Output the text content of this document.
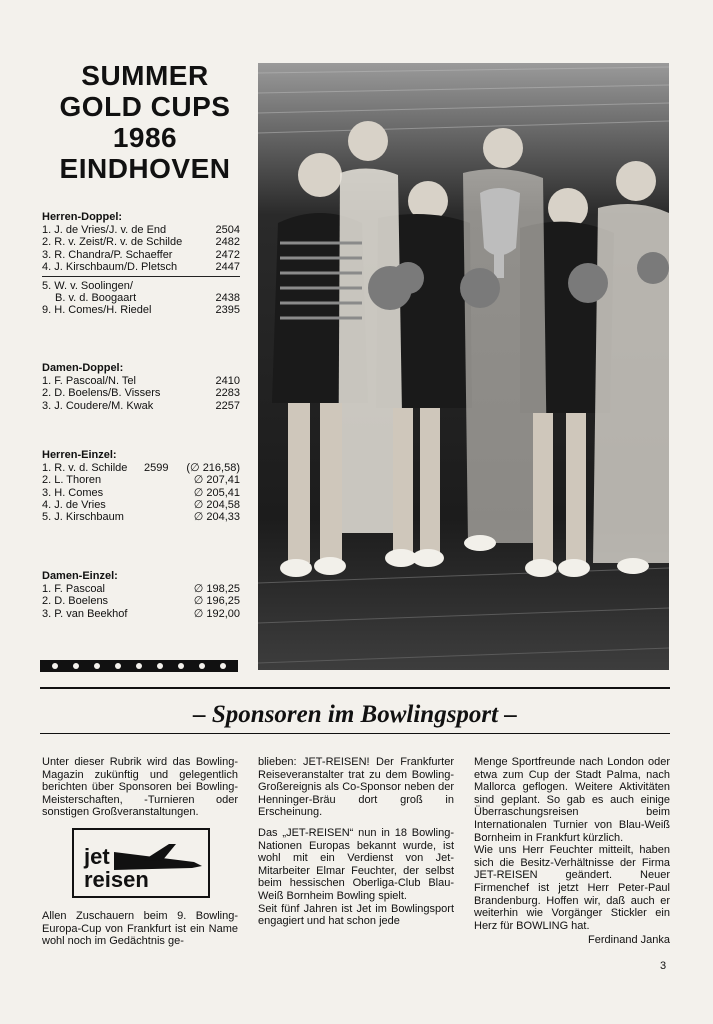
SUMMER
GOLD CUPS
1986
EINDHOVEN
Herren-Doppel:
1. J. de Vries/J. v. de End	2504
2. R. v. Zeist/R. v. de Schilde	2482
3. R. Chandra/P. Schaeffer	2472
4. J. Kirschbaum/D. Pletsch	2447
5. W. v. Soolingen/
B. v. d. Boogaart	2438
9. H. Comes/H. Riedel	2395
Damen-Doppel:
1. F. Pascoal/N. Tel	2410
2. D. Boelens/B. Vissers	2283
3. J. Coudere/M. Kwak	2257
Herren-Einzel:
1. R. v. d. Schilde 2599 (∅ 216,58)
2. L. Thoren	∅ 207,41
3. H. Comes	∅ 205,41
4. J. de Vries	∅ 204,58
5. J. Kirschbaum	∅ 204,33
Damen-Einzel:
1. F. Pascoal	∅ 198,25
2. D. Boelens	∅ 196,25
3. P. van Beekhof	∅ 192,00
– Sponsoren im Bowlingsport –

Unter dieser Rubrik wird das Bowling-Magazin zukünftig und gelegentlich berichten über Sponsoren bei Bowling-Meisterschaften, -Turnieren oder sonstigen Großveranstaltungen.

jet
reisen

Allen Zuschauern beim 9. Bowling-Europa-Cup von Frankfurt ist ein Name wohl noch im Gedächtnis ge-

blieben: JET-REISEN! Der Frankfurter Reiseveranstalter trat zu dem Bowling-Großereignis als Co-Sponsor neben der Henninger-Bräu dort groß in Erscheinung.

Das „JET-REISEN“ nun in 18 Bowling-Nationen Europas bekannt wurde, ist wohl mit ein Verdienst von Jet-Mitarbeiter Elmar Feuchter, der selbst beim hessischen Oberliga-Club Blau-Weiß Bornheim Bowling spielt.

Seit fünf Jahren ist Jet im Bowlingsport engagiert und hat schon jede

Menge Sportfreunde nach London oder etwa zum Cup der Stadt Palma, nach Mallorca geflogen. Weitere Aktivitäten sind geplant. So gab es auch einige Überraschungsreisen beim Internationalen Turnier von Blau-Weiß Bornheim in Frankfurt kürzlich.

Wie uns Herr Feuchter mitteilt, haben sich die Besitz-Verhältnisse der Firma JET-REISEN geändert. Neuer Firmenchef ist jetzt Herr Peter-Paul Brandenburg. Hoffen wir, daß auch er weiterhin wie Vorgänger Stickler ein Herz für BOWLING hat.

Ferdinand Janka

3
